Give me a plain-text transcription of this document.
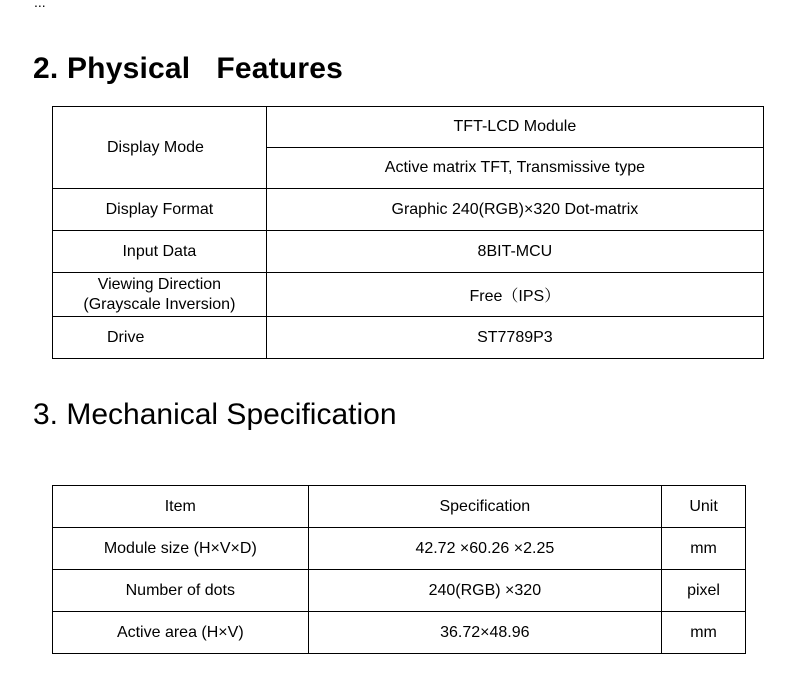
...
2. Physical Features
Display Mode	TFT-LCD Module
	Active matrix TFT, Transmissive type
Display Format	Graphic 240(RGB)×320 Dot-matrix
Input Data	8BIT-MCU

Viewing Direction
(Grayscale Inversion)	Free（IPS）
Drive	ST7789P3
3. Mechanical Specification
Item	Specification	Unit
Module size (H×V×D)	42.72 ×60.26 ×2.25	mm
Number of dots	240(RGB) ×320	pixel
Active area (H×V)	36.72×48.96	mm
